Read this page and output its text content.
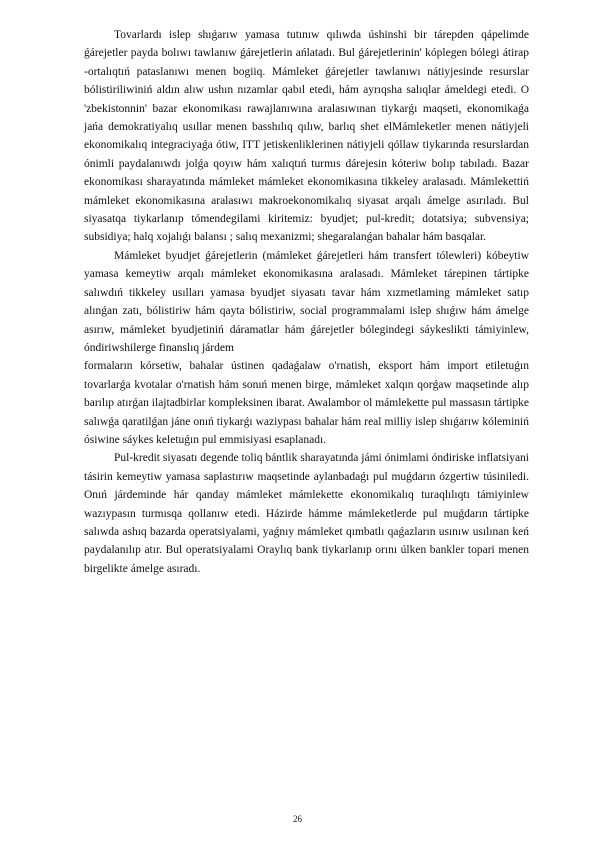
Tovarlardı islep shıǵarıw yamasa tutınıw qılıwda úshinshi bir tárepden qápelimde ǵárejetler payda bolıwı tawlanıw ǵárejetlerin ańlatadı. Bul ǵárejetlerinin' kóplegen bólegi átirap -ortalıqtıń pataslanıwı menen bogiiq. Mámleket ǵárejetler tawlanıwı nátiyjesinde resurslar bólistiriliwiniń aldın alıw ushın nızamlar qabıl etedi, hám ayrıqsha salıqlar ámeldegi etedi. O 'zbekistonnin' bazar ekonomikası rawajlanıwına aralasıwınan tiykarǵı maqseti, ekonomikaǵa jańa demokratiyalıq usıllar menen basshılıq qılıw, barlıq shet elMámleketler menen nátiyjeli ekonomikalıq integraciyaǵa ótiw, ITT jetiskenliklerinen nátiyjeli qóllaw tiykarında resurslardan ónimli paydalanıwdı jolǵa qoyıw hám xalıqtıń turmıs dárejesin kóteriw bolıp tabıladı. Bazar ekonomikası sharayatında mámleket mámleket ekonomikasına tikkeley aralasadı. Mámlekettiń mámleket ekonomikasına aralasıwı makroekonomikalıq siyasat arqalı ámelge asırıladı. Bul siyasatqa tiykarlanıp tómendegilami kiritemiz: byudjet; pul-kredit; dotatsiya; subvensiya; subsidiya; halq xojalıǵı balansı ; salıq mexanizmi; shegaralanǵan bahalar hám basqalar.

Mámleket byudjet ǵárejetlerin (mámleket ǵárejetleri hám transfert tólewleri) kóbeytiw yamasa kemeytiw arqalı mámleket ekonomikasına aralasadı. Mámleket tárepinen tártipke salıwdıń tikkeley usılları yamasa byudjet siyasatı tavar hám xızmetlaming mámleket satıp alınǵan zatı, bólistiriw hám qayta bólistiriw, social programmalami islep shıǵıw hám ámelge asırıw, mámleket byudjetiniń dáramatlar hám ǵárejetler bólegindegi sáykeslikti támiyinlew, óndiriwshilerge finanslıq járdem

formaların kórsetiw, bahalar ústinen qadaǵalaw o'rnatish, eksport hám import etiletuǵın tovarlarǵa kvotalar o'rnatish hám sonıń menen birge, mámleket xalqın qorǵaw maqsetinde alıp barılıp atırǵan ilajtadbirlar kompleksinen ibarat. Awalambor ol mámlekette pul massasın tártipke salıwǵa qaratilǵan jáne onıń tiykarǵı waziypası bahalar hám real milliy islep shıǵarıw kóleminiń ósiwine sáykes keletuǵın pul emmisiyasi esaplanadı.

Pul-kredit siyasatı degende toliq bántlik sharayatında jámi ónimlami óndiriske inflatsiyani tásirin kemeytiw yamasa saplastırıw maqsetinde aylanbadaǵı pul muǵdarın ózgertiw túsiniledi. Onıń járdeminde hár qanday mámleket mámlekette ekonomikalıq turaqlılıqtı támiyinlew wazıypasın turmısqa qollanıw etedi. Házirde hámme mámleketlerde pul muǵdarın tártipke salıwda ashıq bazarda operatsiyalami, yaǵnıy mámleket qımbatlı qaǵazların usınıw usılınan keń paydalanılıp atır. Bul operatsiyalami Oraylıq bank tiykarlanıp orını úlken bankler topari menen birgelikte ámelge asıradı.

26
